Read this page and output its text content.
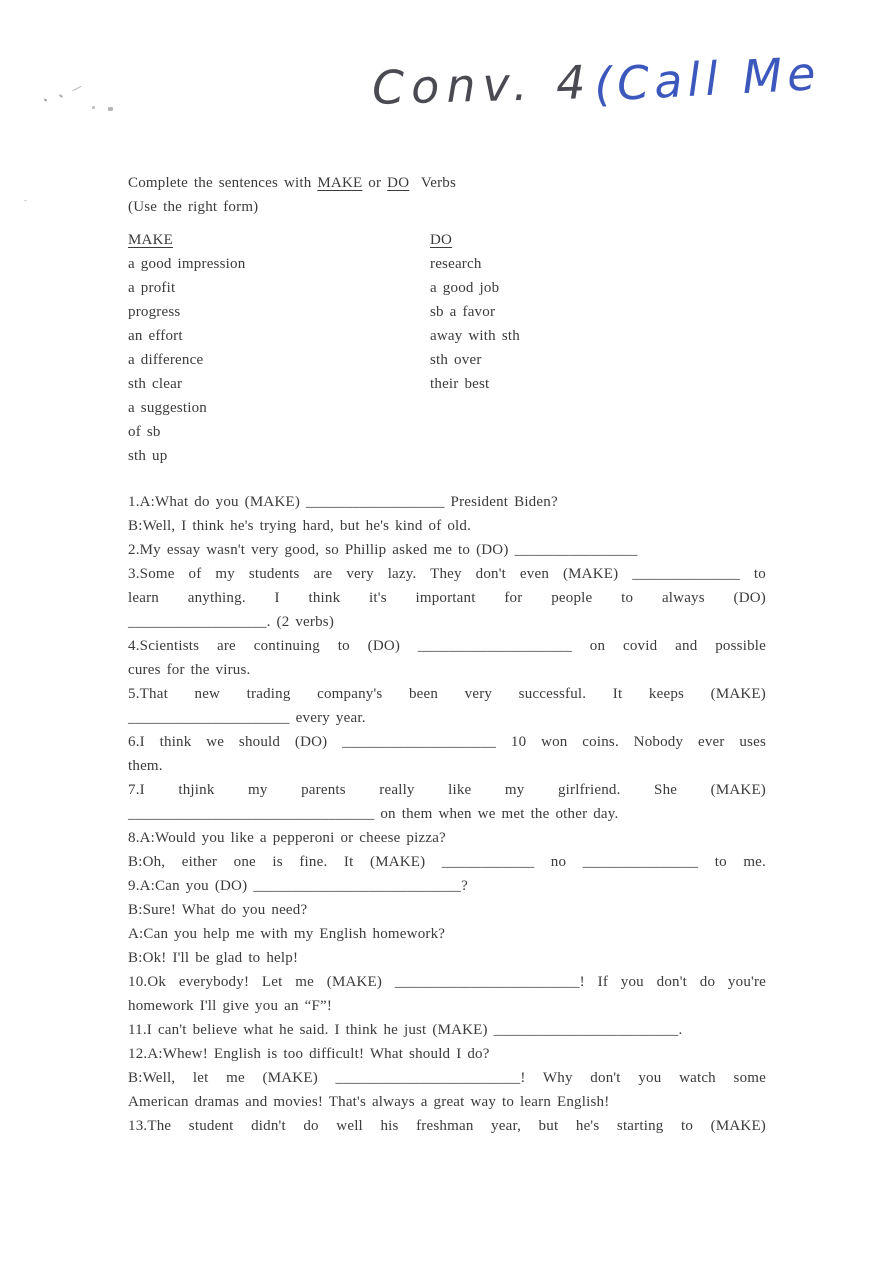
Conv. 4 (Call Me

Complete the sentences with MAKE or DO  Verbs
(Use the right form)

MAKE
a good impression
a profit
progress
an effort
a difference
sth clear
a suggestion
of sb
sth up
DO
research
a good job
sb a favor
away with sth
sth over
their best
1.A:What do you (MAKE) __________________ President Biden?
B:Well, I think he's trying hard, but he's kind of old.
2.My essay wasn't very good, so Phillip asked me to (DO) ________________
3.Some of my students are very lazy. They don't even (MAKE) ______________ to
learn anything. I think it's important for people to always (DO)
__________________. (2 verbs)
4.Scientists are continuing to (DO) ____________________ on covid and possible
cures for the virus.
5.That new trading company's been very successful. It keeps (MAKE)
_____________________ every year.
6.I think we should (DO) ____________________ 10 won coins. Nobody ever uses
them.
7.I thjink my parents really like my girlfriend. She (MAKE)
________________________________ on them when we met the other day.
8.A:Would you like a pepperoni or cheese pizza?
B:Oh, either one is fine. It (MAKE) ____________ no _______________ to me.
9.A:Can you (DO) ___________________________?
B:Sure! What do you need?
A:Can you help me with my English homework?
B:Ok! I'll be glad to help!
10.Ok everybody! Let me (MAKE) ________________________! If you don't do you're
homework I'll give you an “F”!
11.I can't believe what he said. I think he just (MAKE) ________________________.
12.A:Whew! English is too difficult! What should I do?
B:Well, let me (MAKE) ________________________! Why don't you watch some
American dramas and movies! That's always a great way to learn English!
13.The student didn't do well his freshman year, but he's starting to (MAKE)
